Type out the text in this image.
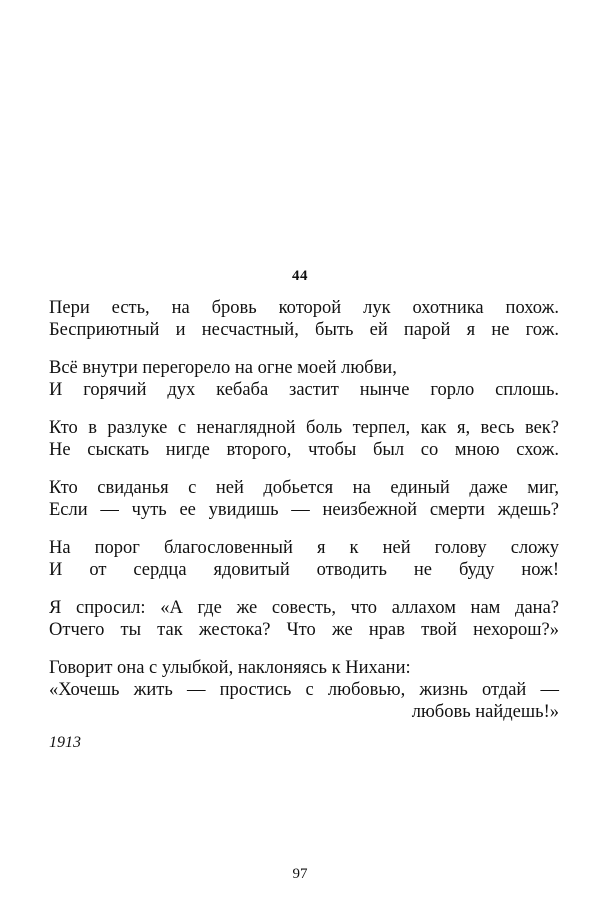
44
Пери есть, на бровь которой лук охотника похож.
Бесприютный и несчастный, быть ей парой я не гож.
Всё внутри перегорело на огне моей любви,
И горячий дух кебаба застит нынче горло сплошь.
Кто в разлуке с ненаглядной боль терпел, как я, весь век?
Не сыскать нигде второго, чтобы был со мною схож.
Кто свиданья с ней добьется на единый даже миг,
Если — чуть ее увидишь — неизбежной смерти ждешь?
На порог благословенный я к ней голову сложу
И от сердца ядовитый отводить не буду нож!
Я спросил: «А где же совесть, что аллахом нам дана?
Отчего ты так жестока? Что же нрав твой нехорош?»
Говорит она с улыбкой, наклоняясь к Нихани:
«Хочешь жить — простись с любовью, жизнь отдай —
любовь найдешь!»
1913
97
